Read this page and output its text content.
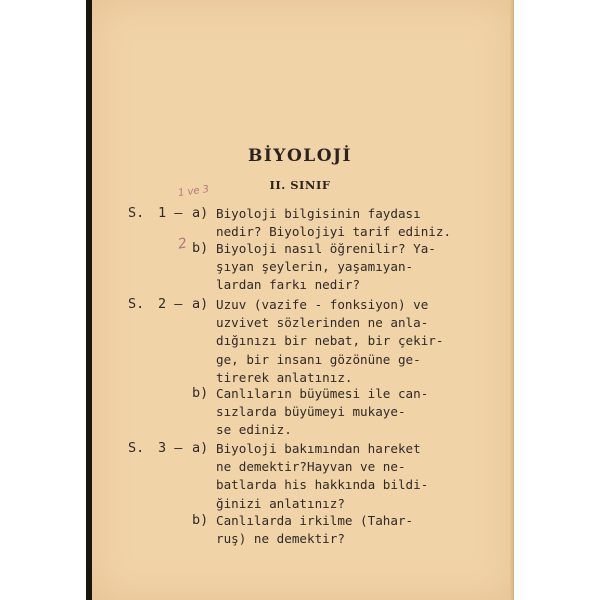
BİYOLOJİ
II. SINIF
1 ve 3
2
S. 1 — a) Biyoloji bilgisinin faydası
nedir? Biyolojiyi tarif ediniz.
b) Biyoloji nasıl öğrenilir? Ya-
şıyan şeylerin, yaşamıyan-
lardan farkı nedir?
S. 2 — a) Uzuv (vazife - fonksiyon) ve
uzvivet sözlerinden ne anla-
dığınızı bir nebat, bir çekir-
ge, bir insanı gözönüne ge-
tirerek anlatınız.
b) Canlıların büyümesi ile can-
sızlarda büyümeyi mukaye-
se ediniz.
S. 3 — a) Biyoloji bakımından hareket
ne demektir?Hayvan ve ne-
batlarda his hakkında bildi-
ğinizi anlatınız?
b) Canlılarda irkilme (Tahar-
ruş) ne demektir?
